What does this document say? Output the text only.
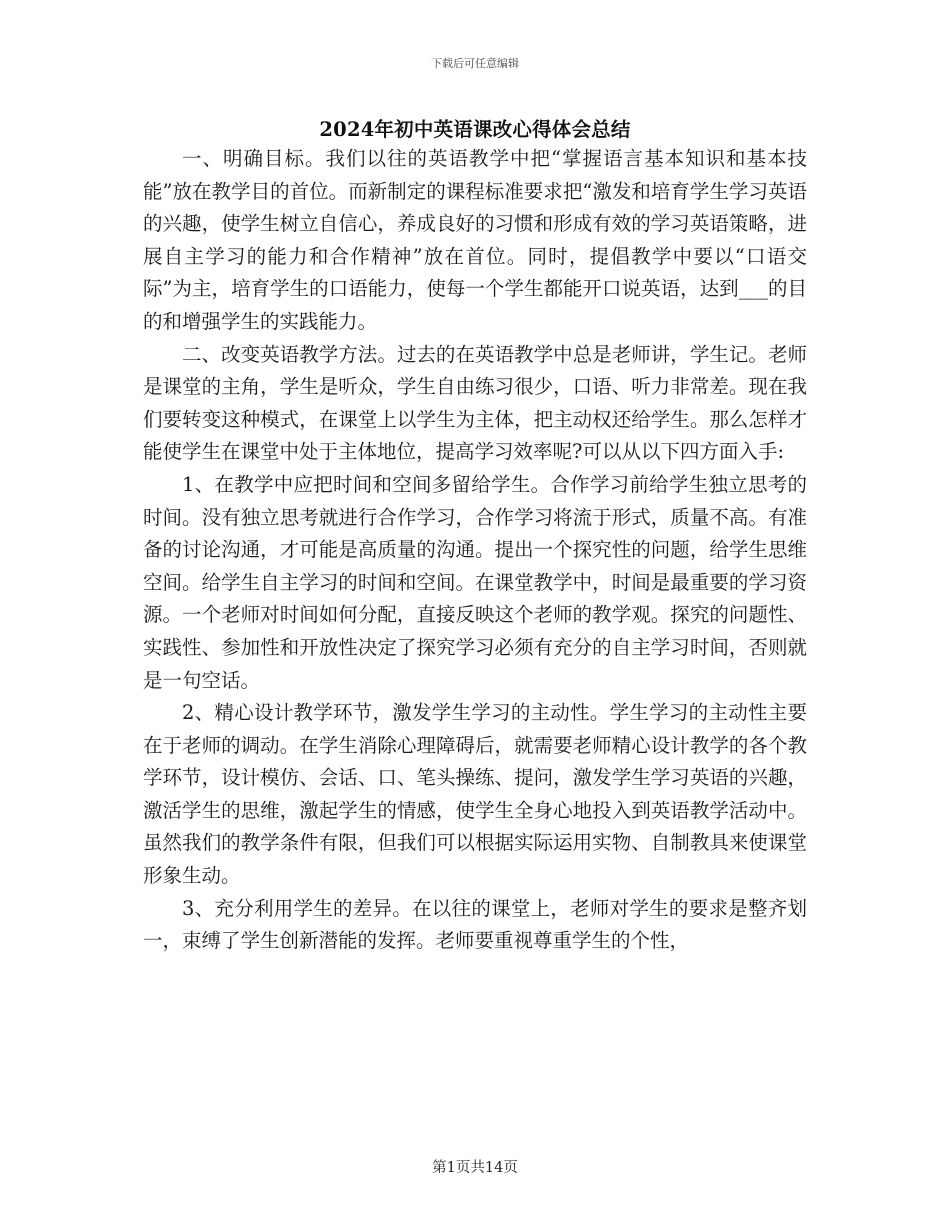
下载后可任意编辑
2024年初中英语课改心得体会总结

一、明确目标。我们以往的英语教学中把“掌握语言基本知识和基本技能”放在教学目的首位。而新制定的课程标准要求把“激发和培育学生学习英语的兴趣，使学生树立自信心，养成良好的习惯和形成有效的学习英语策略，进展自主学习的能力和合作精神”放在首位。同时，提倡教学中要以“口语交际”为主，培育学生的口语能力，使每一个学生都能开口说英语，达到___的目的和增强学生的实践能力。

二、改变英语教学方法。过去的在英语教学中总是老师讲，学生记。老师是课堂的主角，学生是听众，学生自由练习很少，口语、听力非常差。现在我们要转变这种模式，在课堂上以学生为主体，把主动权还给学生。那么怎样才能使学生在课堂中处于主体地位，提高学习效率呢?可以从以下四方面入手:

1、在教学中应把时间和空间多留给学生。合作学习前给学生独立思考的时间。没有独立思考就进行合作学习，合作学习将流于形式，质量不高。有准备的讨论沟通，才可能是高质量的沟通。提出一个探究性的问题，给学生思维空间。给学生自主学习的时间和空间。在课堂教学中，时间是最重要的学习资源。一个老师对时间如何分配，直接反映这个老师的教学观。探究的问题性、实践性、参加性和开放性决定了探究学习必须有充分的自主学习时间，否则就是一句空话。

2、精心设计教学环节，激发学生学习的主动性。学生学习的主动性主要在于老师的调动。在学生消除心理障碍后，就需要老师精心设计教学的各个教学环节，设计模仿、会话、口、笔头操练、提问，激发学生学习英语的兴趣，激活学生的思维，激起学生的情感，使学生全身心地投入到英语教学活动中。虽然我们的教学条件有限，但我们可以根据实际运用实物、自制教具来使课堂形象生动。

3、充分利用学生的差异。在以往的课堂上，老师对学生的要求是整齐划一，束缚了学生创新潜能的发挥。老师要重视尊重学生的个性，

第1页共14页
